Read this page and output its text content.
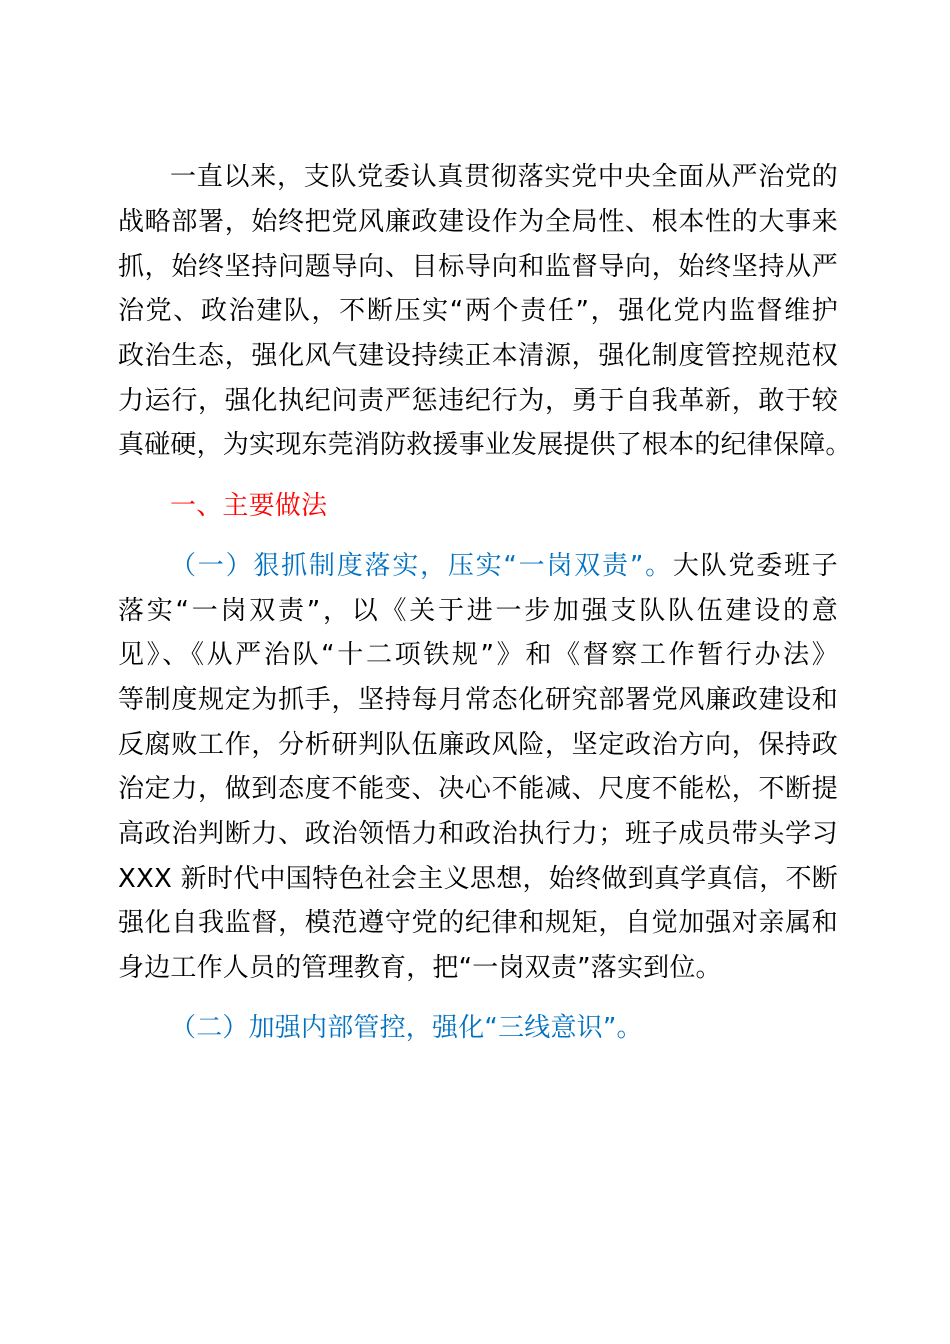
一直以来，支队党委认真贯彻落实党中央全面从严治党的
战略部署，始终把党风廉政建设作为全局性、根本性的大事来
抓，始终坚持问题导向、目标导向和监督导向，始终坚持从严
治党、政治建队，不断压实“两个责任”，强化党内监督维护
政治生态，强化风气建设持续正本清源，强化制度管控规范权
力运行，强化执纪问责严惩违纪行为，勇于自我革新，敢于较
真碰硬，为实现东莞消防救援事业发展提供了根本的纪律保障。
一、主要做法
（一）狠抓制度落实，压实“一岗双责”。大队党委班子
落实“一岗双责”，以《关于进一步加强支队队伍建设的意
见》、《从严治队“十二项铁规”》和《督察工作暂行办法》
等制度规定为抓手，坚持每月常态化研究部署党风廉政建设和
反腐败工作，分析研判队伍廉政风险，坚定政治方向，保持政
治定力，做到态度不能变、决心不能减、尺度不能松，不断提
高政治判断力、政治领悟力和政治执行力；班子成员带头学习
XXX 新时代中国特色社会主义思想，始终做到真学真信，不断
强化自我监督，模范遵守党的纪律和规矩，自觉加强对亲属和
身边工作人员的管理教育，把“一岗双责”落实到位。
（二）加强内部管控，强化“三线意识”。
